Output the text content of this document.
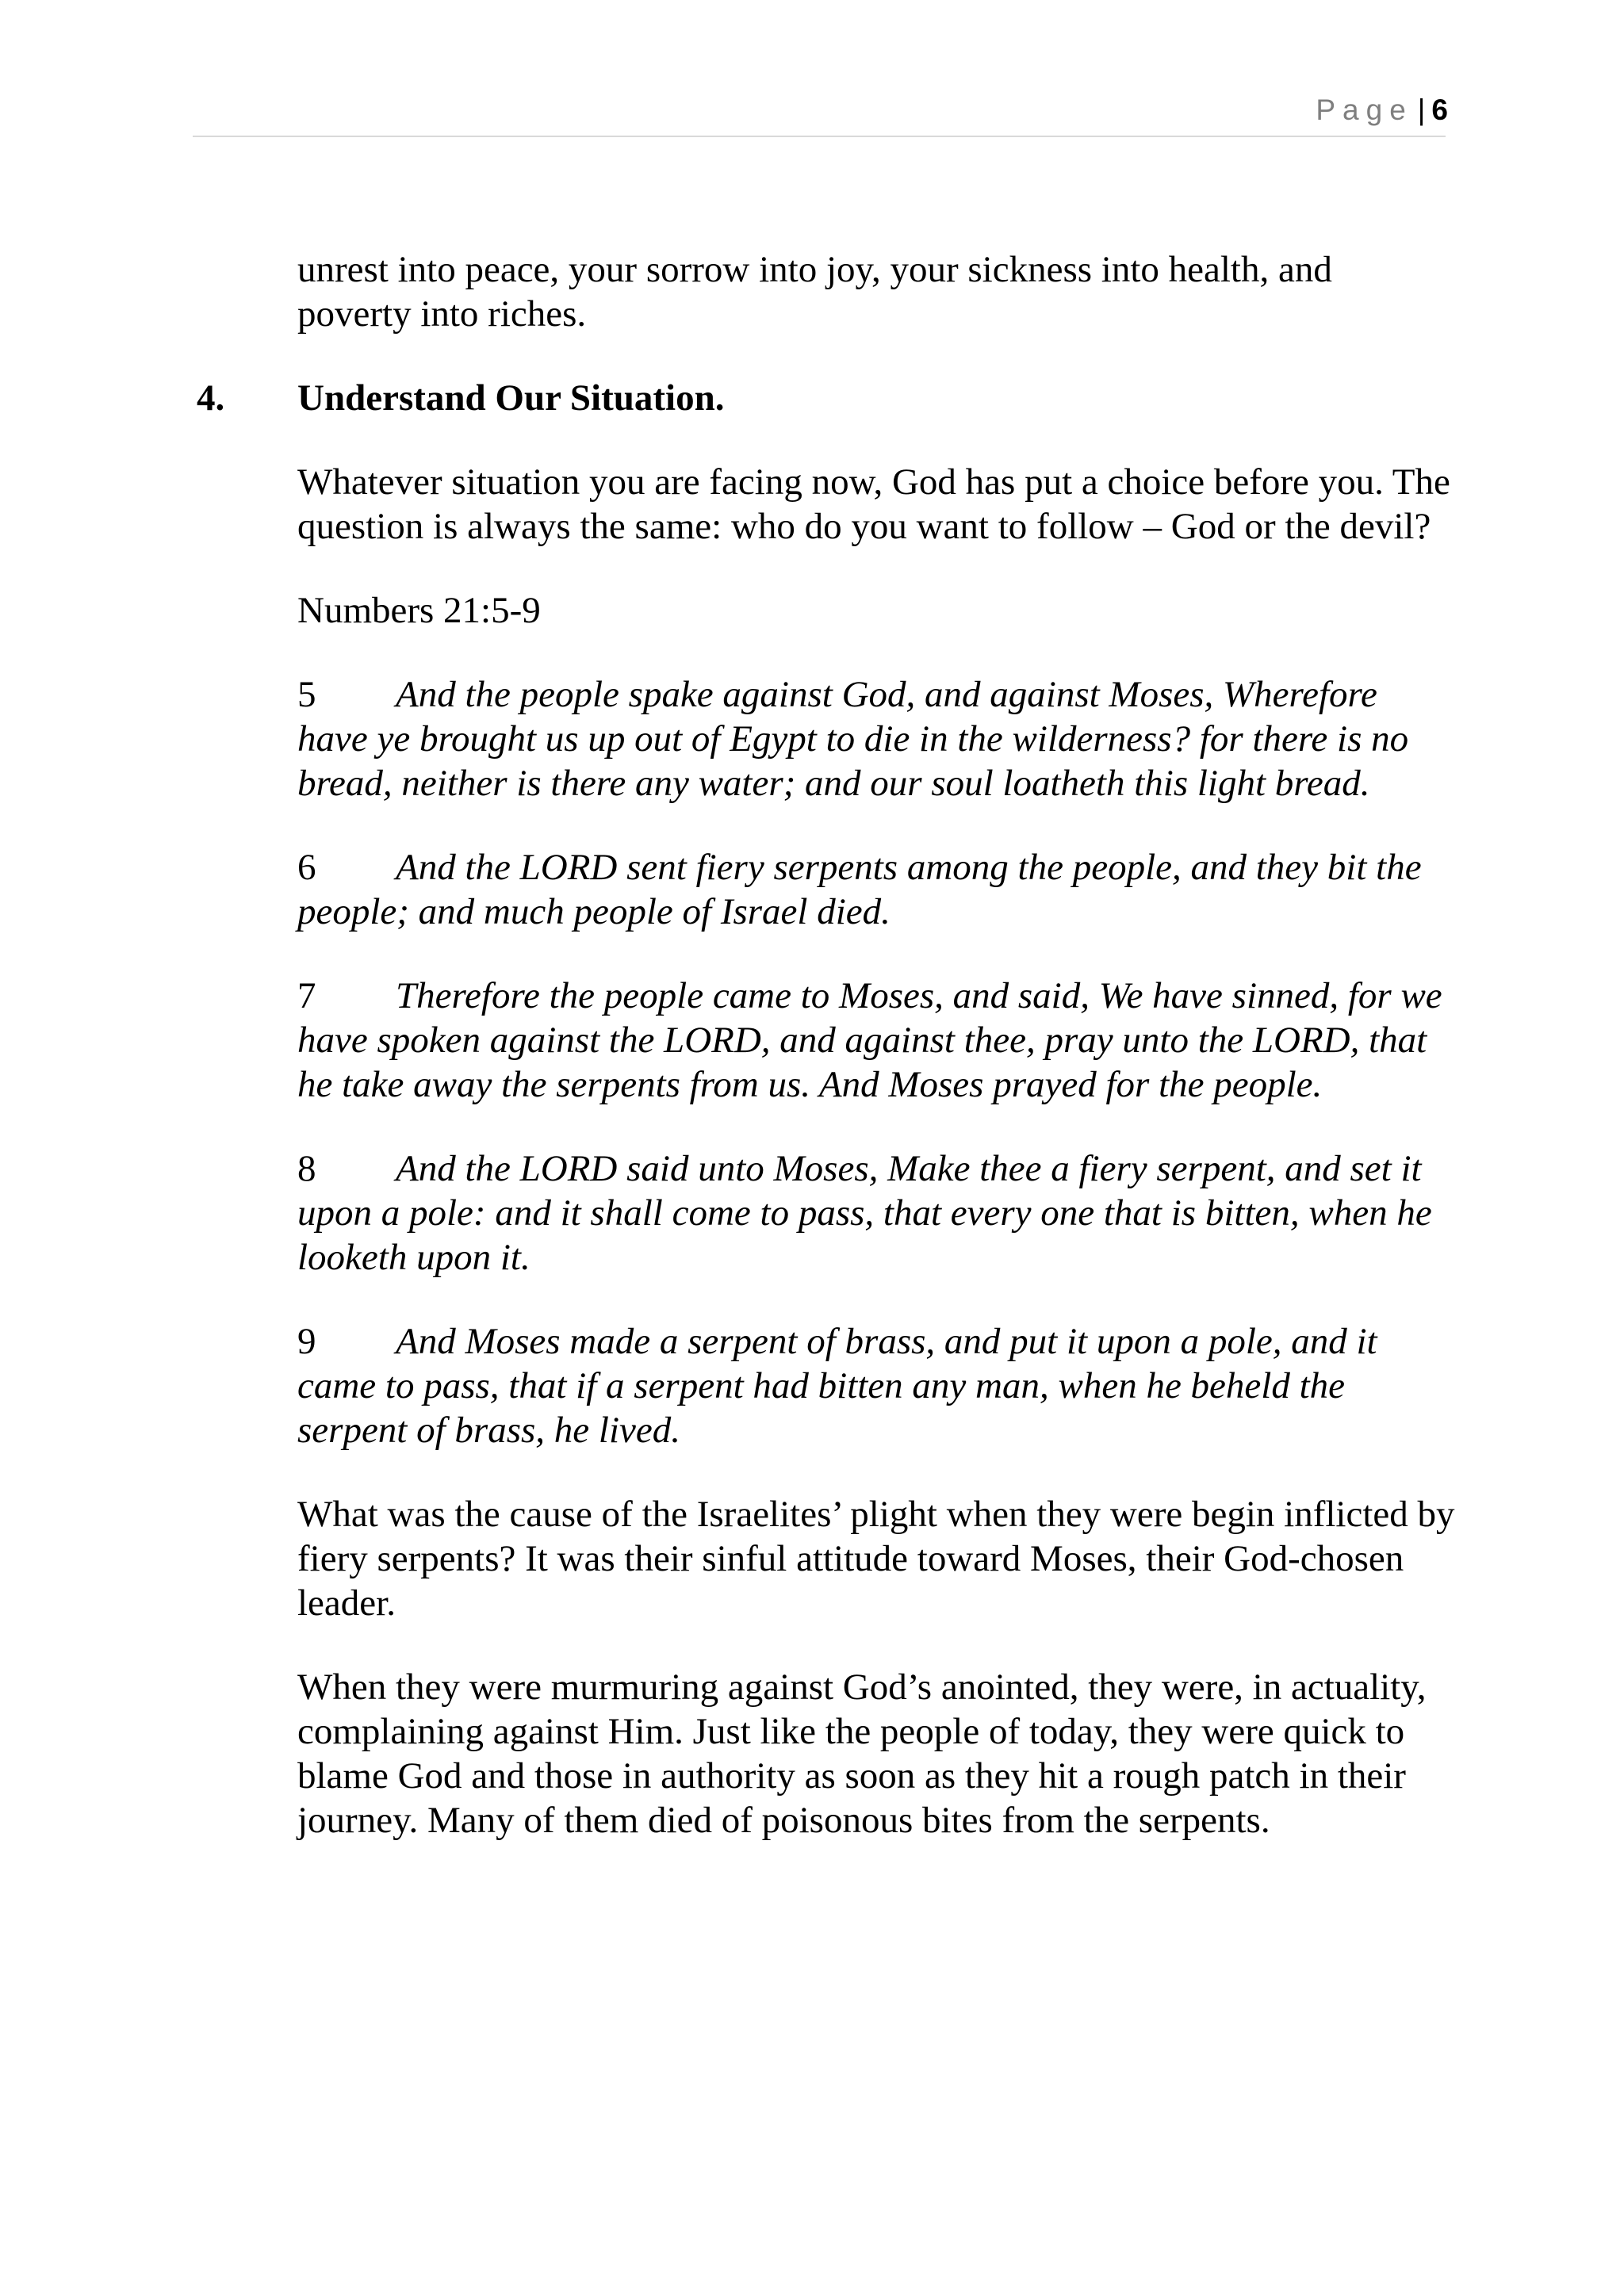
Page | 6

unrest into peace, your sorrow into joy, your sickness into health, and poverty into riches.

4. Understand Our Situation.

Whatever situation you are facing now, God has put a choice before you. The question is always the same: who do you want to follow – God or the devil?

Numbers 21:5-9

5 And the people spake against God, and against Moses, Wherefore have ye brought us up out of Egypt to die in the wilderness? for there is no bread, neither is there any water; and our soul loatheth this light bread.

6 And the LORD sent fiery serpents among the people, and they bit the people; and much people of Israel died.

7 Therefore the people came to Moses, and said, We have sinned, for we have spoken against the LORD, and against thee, pray unto the LORD, that he take away the serpents from us. And Moses prayed for the people.

8 And the LORD said unto Moses, Make thee a fiery serpent, and set it upon a pole: and it shall come to pass, that every one that is bitten, when he looketh upon it.

9 And Moses made a serpent of brass, and put it upon a pole, and it came to pass, that if a serpent had bitten any man, when he beheld the serpent of brass, he lived.

What was the cause of the Israelites’ plight when they were begin inflicted by fiery serpents? It was their sinful attitude toward Moses, their God-chosen leader.

When they were murmuring against God’s anointed, they were, in actuality, complaining against Him. Just like the people of today, they were quick to blame God and those in authority as soon as they hit a rough patch in their journey. Many of them died of poisonous bites from the serpents.
